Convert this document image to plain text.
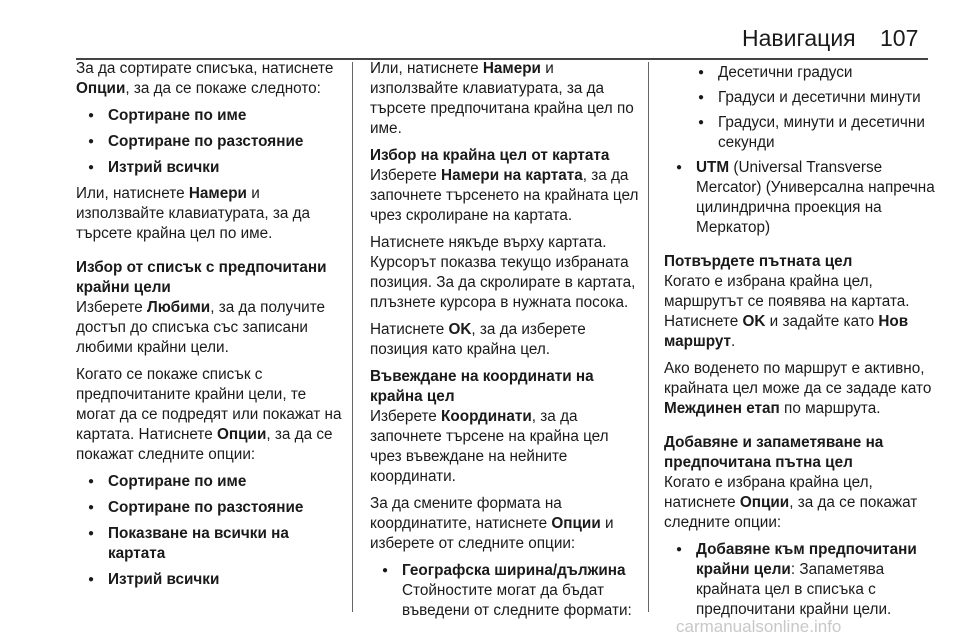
Навигация 107

За да сортирате списъка, натиснете Опции, за да се покаже следното:

● Сортиране по име
● Сортиране по разстояние
● Изтрий всички

Или, натиснете Намери и използвайте клавиатурата, за да търсете крайна цел по име.

Избор от списък с предпочитани крайни цели

Изберете Любими, за да получите достъп до списъка със записани любими крайни цели.

Когато се покаже списък с предпочитаните крайни цели, те могат да се подредят или покажат на картата. Натиснете Опции, за да се покажат следните опции:

● Сортиране по име
● Сортиране по разстояние
● Показване на всички на картата
● Изтрий всички

Или, натиснете Намери и използвайте клавиатурата, за да търсете предпочитана крайна цел по име.

Избор на крайна цел от картата

Изберете Намери на картата, за да започнете търсенето на крайната цел чрез скролиране на картата.

Натиснете някъде върху картата. Курсорът показва текущо избраната позиция. За да скролирате в картата, плъзнете курсора в нужната посока.

Натиснете OK, за да изберете позиция като крайна цел.

Въвеждане на координати на крайна цел

Изберете Координати, за да започнете търсене на крайна цел чрез въвеждане на нейните координати.

За да смените формата на координатите, натиснете Опции и изберете от следните опции:

● Географска ширина/дължина
Стойностите могат да бъдат въведени от следните формати:
● Десетични градуси
● Градуси и десетични минути
● Градуси, минути и десетични секунди
● UTM (Universal Transverse Mercator) (Универсална напречна цилиндрична проекция на Меркатор)

Потвърдете пътната цел

Когато е избрана крайна цел, маршрутът се появява на картата. Натиснете OK и задайте като Нов маршрут.

Ако воденето по маршрут е активно, крайната цел може да се зададе като Междинен етап по маршрута.

Добавяне и запаметяване на предпочитана пътна цел

Когато е избрана крайна цел, натиснете Опции, за да се покажат следните опции:

● Добавяне към предпочитани крайни цели: Запаметява крайната цел в списъка с предпочитани крайни цели.
carmanualsonline.info
